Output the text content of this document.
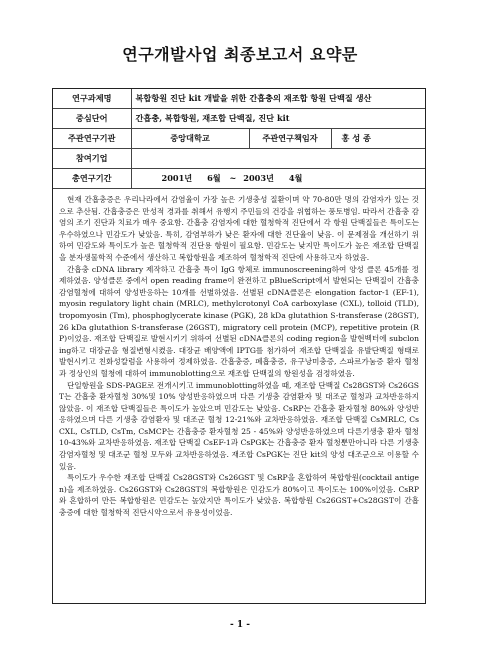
연구개발사업 최종보고서 요약문
연구과제명	복합항원 진단 kit 개발을 위한 간흡충의 재조합 항원 단백질 생산		
중심단어	간흡충, 복합항원, 재조합 단백질, 진단 kit		
주관연구기관	중앙대학교	주관연구책임자	홍 성 종
참여기업			
총연구기간	2001년 6월 ~ 2003년 4월		

현재 간흡충증은 우리나라에서 감염율이 가장 높은 기생충성 질환이며 약 70-80만 명의 감염자가 있는 것으로 추산됨. 간흡충증은 만성적 경과를 취해서 유행지 주민들의 건강을 위협하는 풍토병임. 따라서 간흡충 감염의 조기 진단과 치료가 매우 중요함. 간흡충 감염자에 대한 혈청학적 진단에서 각 항원 단백질들은 특이도는 우수하였으나 민감도가 낮았음. 특히, 감염부하가 낮은 환자에 대한 진단율이 낮음. 이 문제점을 개선하기 위하여 민감도와 특이도가 높은 혈청학적 진단용 항원이 필요함. 민감도는 낮지만 특이도가 높은 재조합 단백질을 분자생물학적 수준에서 생산하고 복합항원을 제조하여 혈청학적 진단에 사용하고자 하였음.

간흡충 cDNA library 제작하고 간흡충 특이 IgG 항체로 immunoscreening하여 양성 클론 45개를 정제하였음. 양성클론 중에서 open reading frame이 완전하고 pBlueScript에서 발현되는 단백질이 간흡충 감염혈청에 대하여 양성반응하는 10개를 선별하였음. 선별된 cDNA클론은 elongation factor-1 (EF-1), myosin regulatory light chain (MRLC), methylcrotonyl CoA carboxylase (CXL), tolloid (TLD), tropomyosin (Tm), phosphoglycerate kinase (PGK), 28 kDa glutathion S-transferase (28GST), 26 kDa glutathion S-transferase (26GST), migratory cell protein (MCP), repetitive protein (RP)이었음. 재조합 단백질로 발현시키기 위하여 선별된 cDNA클론의 coding region을 발현벡터에 subcloning하고 대장균을 형질변형시켰음. 대장균 배양액에 IPTG를 첨가하여 재조합 단백질을 유발단백질 형태로 발현시키고 친화성칼럼을 사용하여 정제하였음. 간흡충증, 폐흡충증, 유구낭미충증, 스파르가눔증 환자 혈청과 정상인의 혈청에 대하여 immunoblotting으로 재조합 단백질의 항원성을 검정하였음.

단일항원을 SDS-PAGE로 전개시키고 immunoblotting하였을 때, 재조합 단백질 Cs28GST와 Cs26GST는 간흡충 환자혈청 30%및 10% 양성반응하였으며 다른 기생충 감염환자 및 대조군 혈청과 교차반응하지 않았음. 이 재조합 단백질들은 특이도가 높았으며 민감도는 낮았음. CsRP는 간흡충 환자혈청 80%와 양성반응하였으며 다른 기생충 감염환자 및 대조군 혈청 12-21%와 교차반응하였음. 재조합 단백질 CsMRLC, CsCXL, CsTLD, CsTm, CsMCP는 간흡충증 환자혈청 25 - 45%와 양성반응하였으며 다른기생충 환자 혈청 10-43%와 교차반응하였음. 재조합 단백질 CsEF-1과 CsPGK는 간흡충증 환자 혈청뿐만아니라 다른 기생충감염자혈청 및 대조군 혈청 모두와 교차반응하였음. 재조합 CsPGK는 진단 kit의 양성 대조군으로 이용할 수 있음.

특이도가 우수한 재조합 단백질 Cs28GST와 Cs26GST 및 CsRP을 혼합하여 복합항원(cocktail antigen)을 제조하였음. Cs26GST와 Cs28GST의 복합항원은 민감도가 80%이고 특이도는 100%이었음. CsRP와 혼합하여 만든 복합항원은 민감도는 높았지만 특이도가 낮았음. 복합항원 Cs26GST+Cs28GST이 간흡충증에 대한 혈청학적 진단시약으로서 유용성이었음.

- 1 -
